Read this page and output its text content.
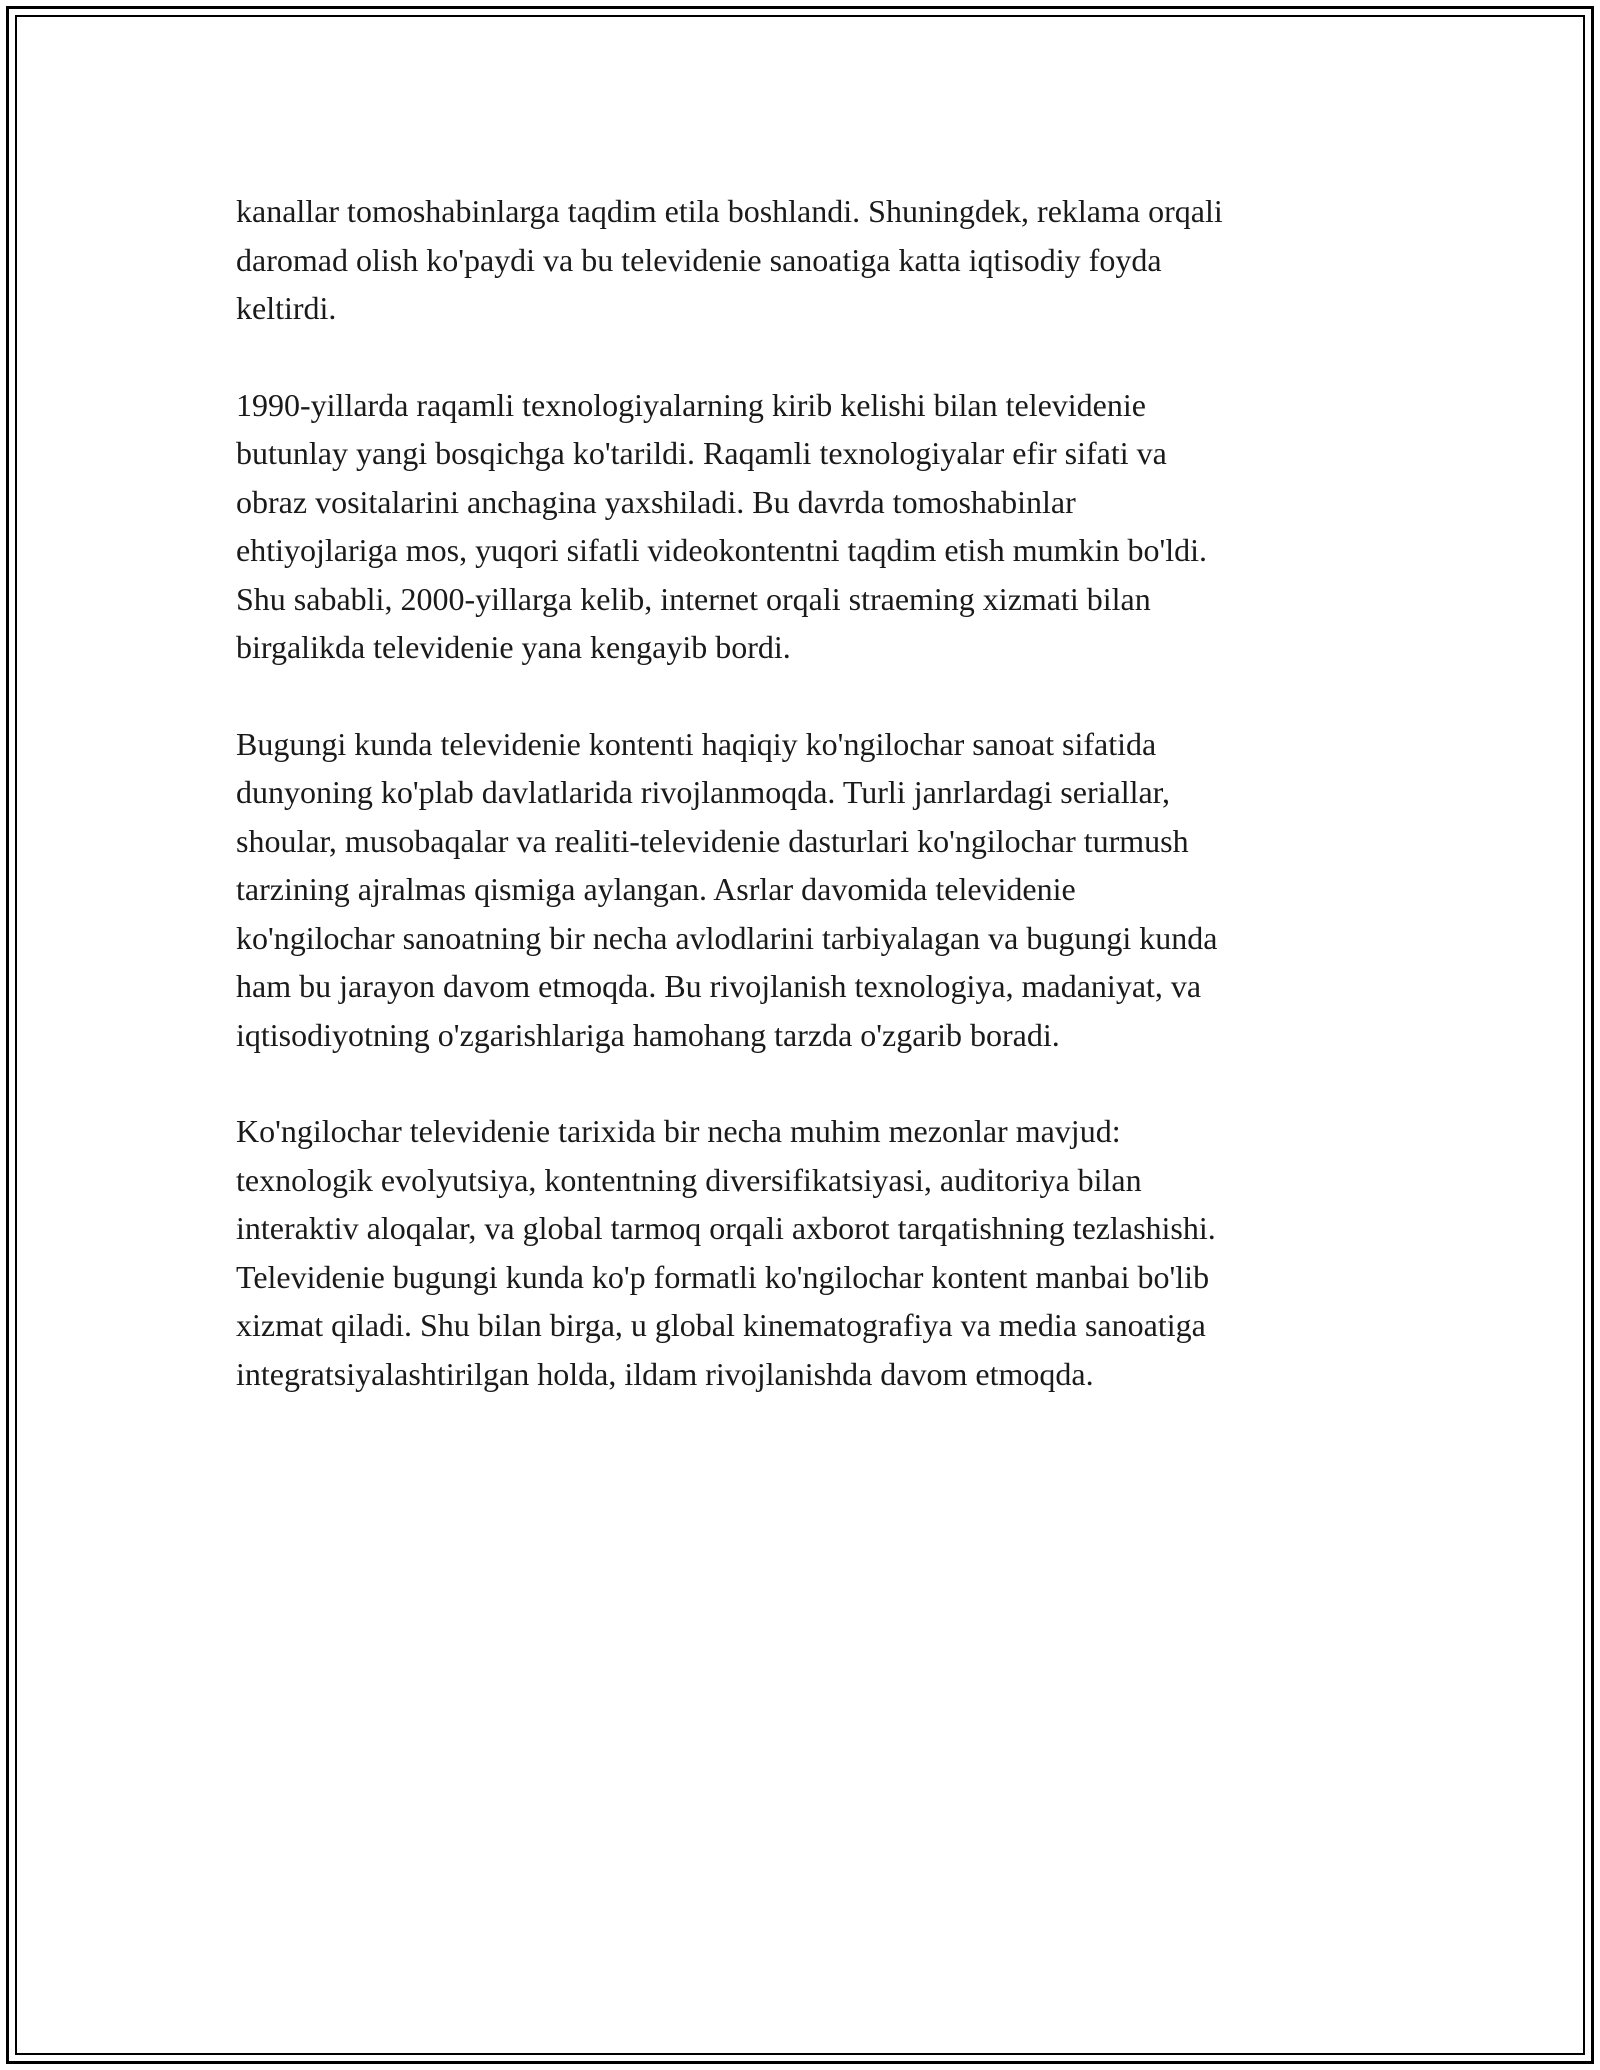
kanallar tomoshabinlarga taqdim etila boshlandi. Shuningdek, reklama orqali
daromad olish ko'paydi va bu televidenie sanoatiga katta iqtisodiy foyda
keltirdi.

1990-yillarda raqamli texnologiyalarning kirib kelishi bilan televidenie
butunlay yangi bosqichga ko'tarildi. Raqamli texnologiyalar efir sifati va
obraz vositalarini anchagina yaxshiladi. Bu davrda tomoshabinlar
ehtiyojlariga mos, yuqori sifatli videokontentni taqdim etish mumkin bo'ldi.
Shu sababli, 2000-yillarga kelib, internet orqali straeming xizmati bilan
birgalikda televidenie yana kengayib bordi.

Bugungi kunda televidenie kontenti haqiqiy ko'ngilochar sanoat sifatida
dunyoning ko'plab davlatlarida rivojlanmoqda. Turli janrlardagi seriallar,
shoular, musobaqalar va realiti-televidenie dasturlari ko'ngilochar turmush
tarzining ajralmas qismiga aylangan. Asrlar davomida televidenie
ko'ngilochar sanoatning bir necha avlodlarini tarbiyalagan va bugungi kunda
ham bu jarayon davom etmoqda. Bu rivojlanish texnologiya, madaniyat, va
iqtisodiyotning o'zgarishlariga hamohang tarzda o'zgarib boradi.

Ko'ngilochar televidenie tarixida bir necha muhim mezonlar mavjud:
texnologik evolyutsiya, kontentning diversifikatsiyasi, auditoriya bilan
interaktiv aloqalar, va global tarmoq orqali axborot tarqatishning tezlashishi.
Televidenie bugungi kunda ko'p formatli ko'ngilochar kontent manbai bo'lib
xizmat qiladi. Shu bilan birga, u global kinematografiya va media sanoatiga
integratsiyalashtirilgan holda, ildam rivojlanishda davom etmoqda.
